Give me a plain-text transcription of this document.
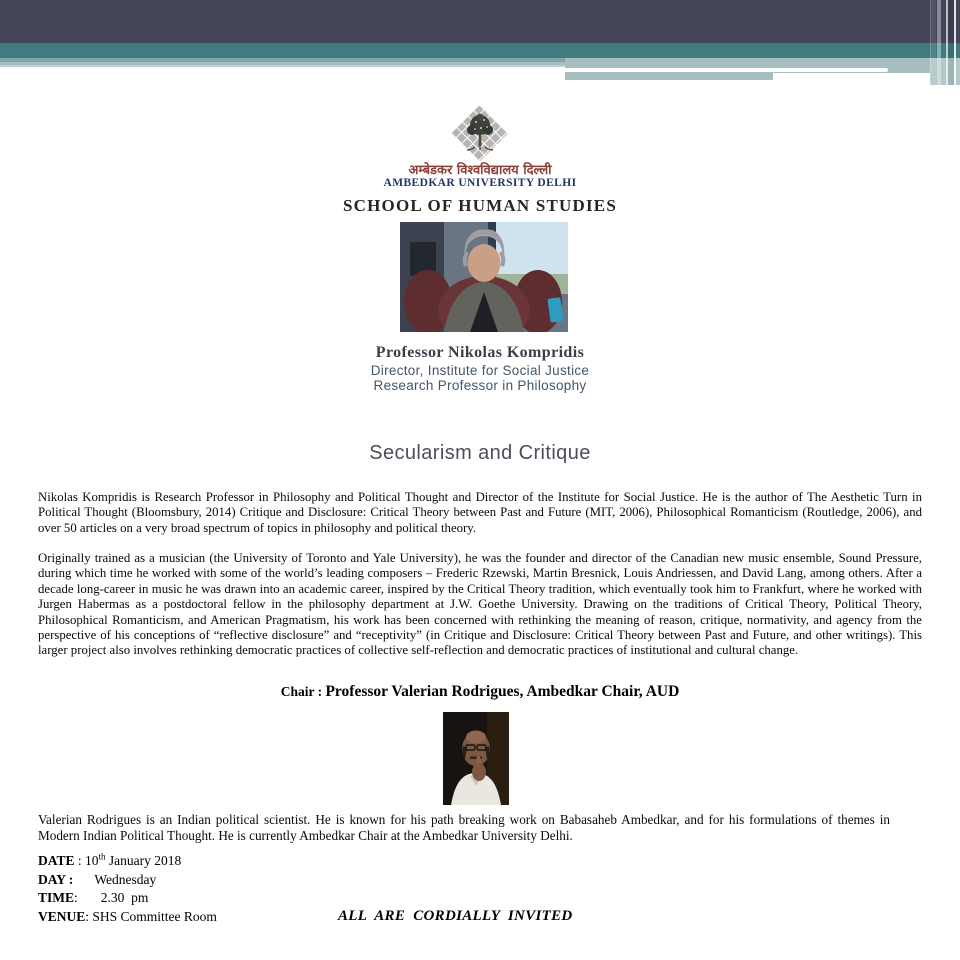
अम्बेडकर विश्वविद्यालय दिल्ली
AMBEDKAR UNIVERSITY DELHI
SCHOOL OF HUMAN STUDIES
Professor Nikolas Kompridis
Director, Institute for Social Justice
Research Professor in Philosophy
Secularism and Critique
Nikolas Kompridis is Research Professor in Philosophy and Political Thought and Director of the Institute for Social Justice. He is the author of The Aesthetic Turn in Political Thought (Bloomsbury, 2014) Critique and Disclosure: Critical Theory between Past and Future (MIT, 2006), Philosophical Romanticism (Routledge, 2006), and over 50 articles on a very broad spectrum of topics in philosophy and political theory.
Originally trained as a musician (the University of Toronto and Yale University), he was the founder and director of the Canadian new music ensemble, Sound Pressure, during which time he worked with some of the world’s leading composers – Frederic Rzewski, Martin Bresnick, Louis Andriessen, and David Lang, among others. After a decade long-career in music he was drawn into an academic career, inspired by the Critical Theory tradition, which eventually took him to Frankfurt, where he worked with Jurgen Habermas as a postdoctoral fellow in the philosophy department at J.W. Goethe University. Drawing on the traditions of Critical Theory, Political Theory, Philosophical Romanticism, and American Pragmatism, his work has been concerned with rethinking the meaning of reason, critique, normativity, and agency from the perspective of his conceptions of “reflective disclosure” and “receptivity” (in Critique and Disclosure: Critical Theory between Past and Future, and other writings). This larger project also involves rethinking democratic practices of collective self-reflection and democratic practices of institutional and cultural change.
Chair : Professor Valerian Rodrigues, Ambedkar Chair, AUD
Valerian Rodrigues is an Indian political scientist. He is known for his path breaking work on Babasaheb Ambedkar, and for his formulations of themes in Modern Indian Political Thought. He is currently Ambedkar Chair at the Ambedkar University Delhi.
DATE : 10th January 2018
DAY : Wednesday
TIME: 2.30  pm
VENUE: SHS Committee Room	ALL  ARE  CORDIALLY  INVITED
